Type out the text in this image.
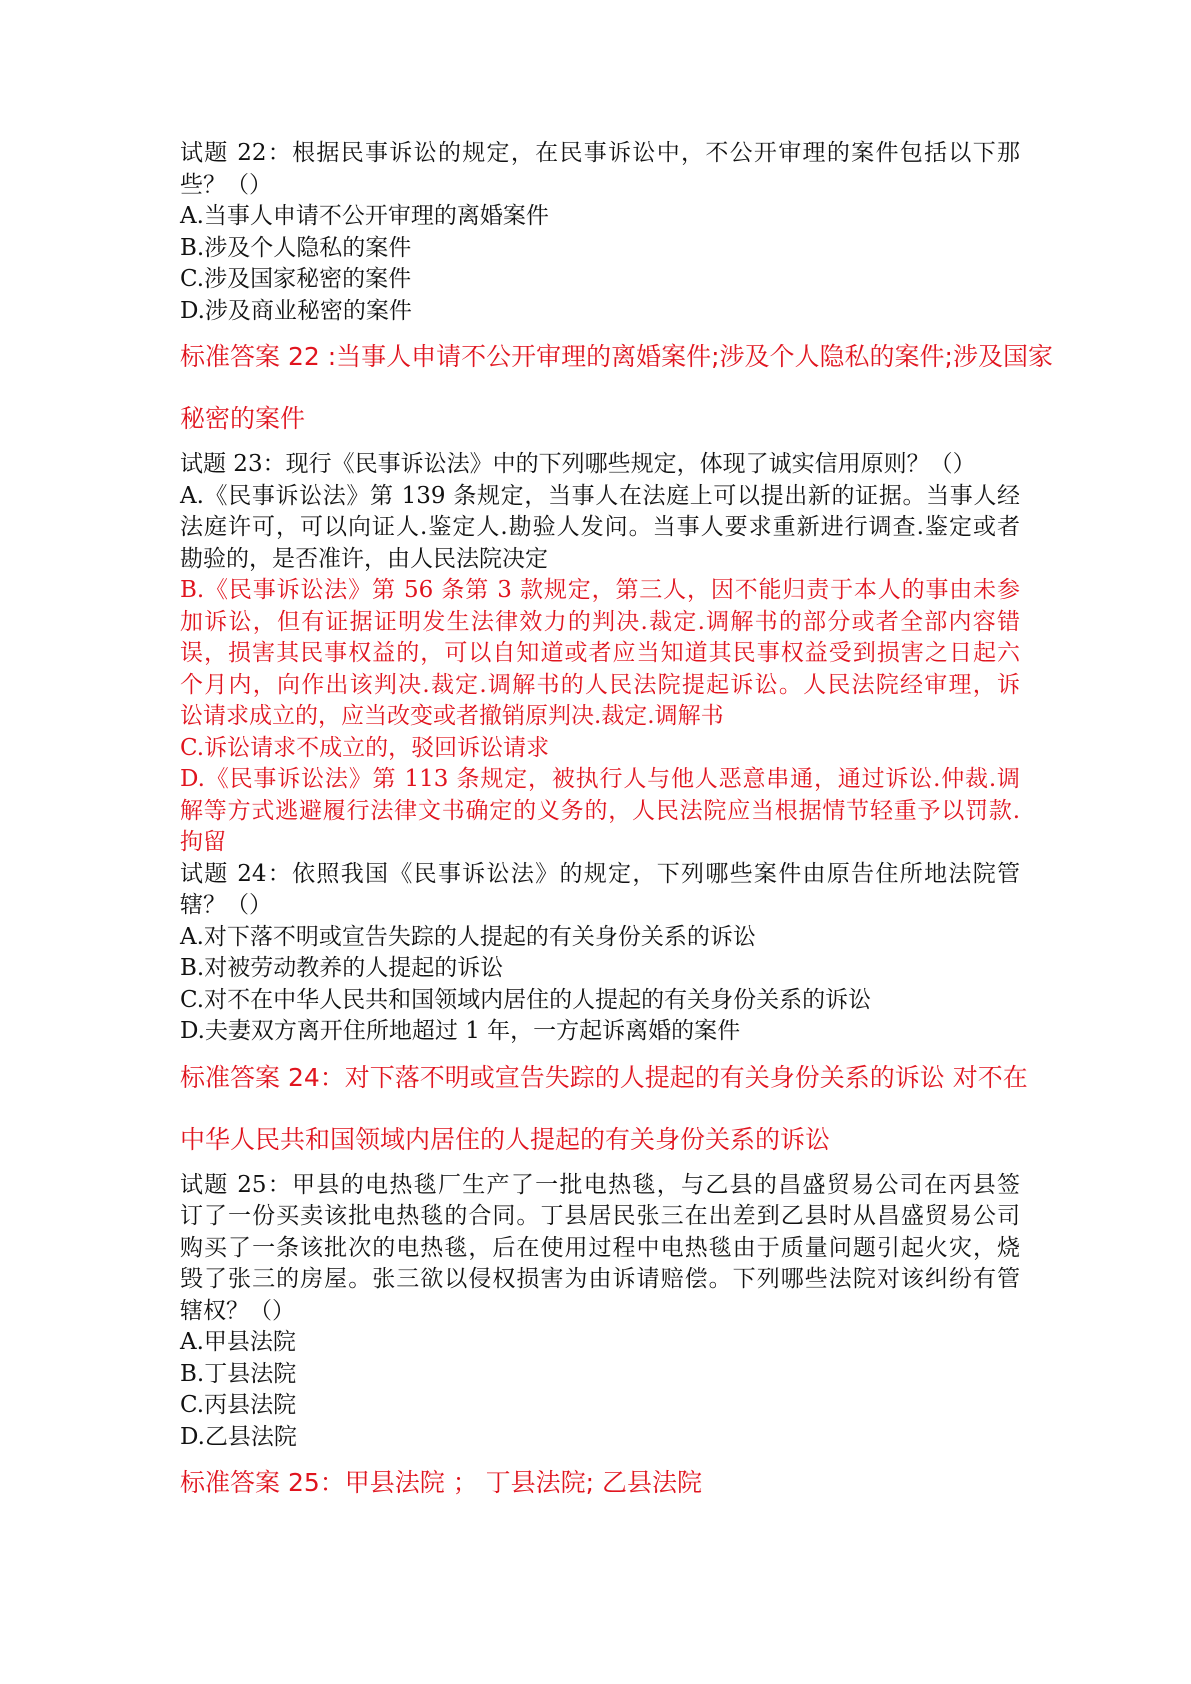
试题 22：根据民事诉讼的规定，在民事诉讼中，不公开审理的案件包括以下那
些？（）
A.当事人申请不公开审理的离婚案件
B.涉及个人隐私的案件
C.涉及国家秘密的案件
D.涉及商业秘密的案件
标准答案 22 :当事人申请不公开审理的离婚案件;涉及个人隐私的案件;涉及国家
秘密的案件
试题 23：现行《民事诉讼法》中的下列哪些规定，体现了诚实信用原则？（）
A.《民事诉讼法》第 139 条规定，当事人在法庭上可以提出新的证据。当事人经
法庭许可，可以向证人.鉴定人.勘验人发问。当事人要求重新进行调查.鉴定或者
勘验的，是否准许，由人民法院决定
B.《民事诉讼法》第 56 条第 3 款规定，第三人，因不能归责于本人的事由未参
加诉讼，但有证据证明发生法律效力的判决.裁定.调解书的部分或者全部内容错
误，损害其民事权益的，可以自知道或者应当知道其民事权益受到损害之日起六
个月内，向作出该判决.裁定.调解书的人民法院提起诉讼。人民法院经审理，诉
讼请求成立的，应当改变或者撤销原判决.裁定.调解书
C.诉讼请求不成立的，驳回诉讼请求
D.《民事诉讼法》第 113 条规定，被执行人与他人恶意串通，通过诉讼.仲裁.调
解等方式逃避履行法律文书确定的义务的，人民法院应当根据情节轻重予以罚款.
拘留
试题 24：依照我国《民事诉讼法》的规定，下列哪些案件由原告住所地法院管
辖？（）
A.对下落不明或宣告失踪的人提起的有关身份关系的诉讼
B.对被劳动教养的人提起的诉讼
C.对不在中华人民共和国领域内居住的人提起的有关身份关系的诉讼
D.夫妻双方离开住所地超过 1 年，一方起诉离婚的案件
标准答案 24：对下落不明或宣告失踪的人提起的有关身份关系的诉讼 对不在
中华人民共和国领域内居住的人提起的有关身份关系的诉讼
试题 25：甲县的电热毯厂生产了一批电热毯，与乙县的昌盛贸易公司在丙县签
订了一份买卖该批电热毯的合同。丁县居民张三在出差到乙县时从昌盛贸易公司
购买了一条该批次的电热毯，后在使用过程中电热毯由于质量问题引起火灾，烧
毁了张三的房屋。张三欲以侵权损害为由诉请赔偿。下列哪些法院对该纠纷有管
辖权？（）
A.甲县法院
B.丁县法院
C.丙县法院
D.乙县法院
标准答案 25：甲县法院 ； 丁县法院; 乙县法院
